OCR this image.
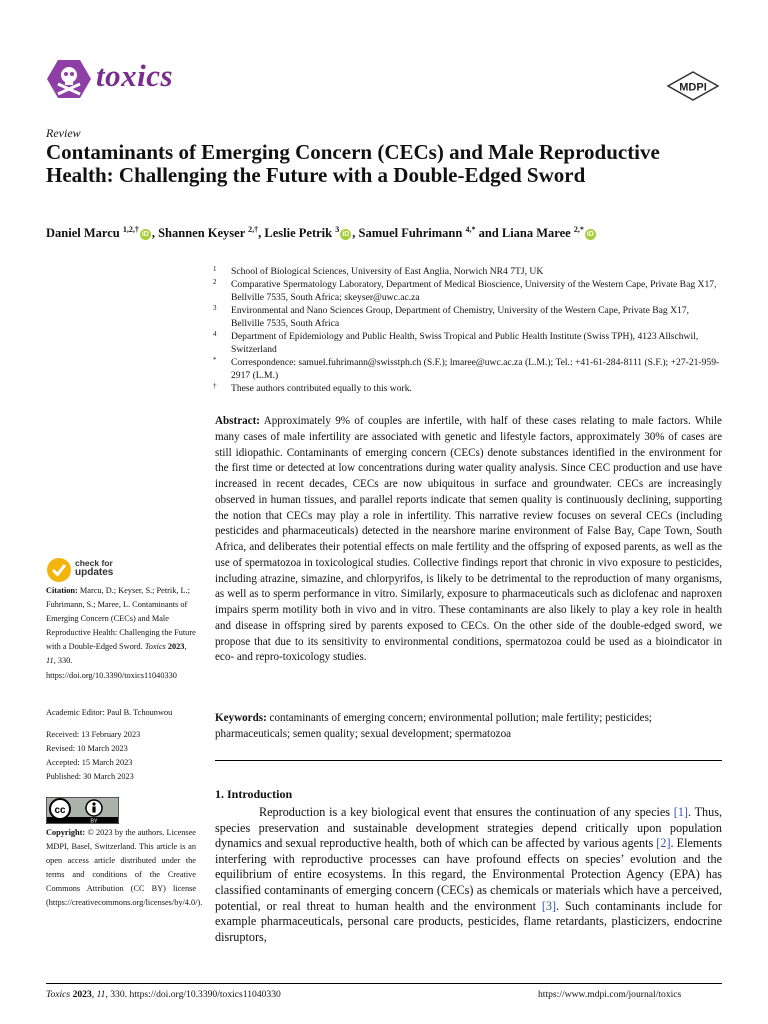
toxics	MDPI
Review
Contaminants of Emerging Concern (CECs) and Male Reproductive Health: Challenging the Future with a Double-Edged Sword
Daniel Marcu $^{1,2,\dagger}$iD , Shannen Keyser $^{2,\dagger}$, Leslie Petrik $^3$iD , Samuel Fuhrimann $^{4,*}$ and Liana Maree $^{2,*}$iD
1 School of Biological Sciences, University of East Anglia, Norwich NR4 7TJ, UK
2 Comparative Spermatology Laboratory, Department of Medical Bioscience, University of the Western Cape, Private Bag X17, Bellville 7535, South Africa; skeyser@uwc.ac.za
3 Environmental and Nano Sciences Group, Department of Chemistry, University of the Western Cape, Private Bag X17, Bellville 7535, South Africa
4 Department of Epidemiology and Public Health, Swiss Tropical and Public Health Institute (Swiss TPH), 4123 Allschwil, Switzerland
* Correspondence: samuel.fuhrimann@swisstph.ch (S.F.); lmaree@uwc.ac.za (L.M.); Tel.: +41-61-284-8111 (S.F.); +27-21-959-2917 (L.M.)
† These authors contributed equally to this work.
check for
updates
Citation: Marcu, D.; Keyser, S.; Petrik, L.; Fuhrimann, S.; Maree, L. Contaminants of Emerging Concern (CECs) and Male Reproductive Health: Challenging the Future with a Double-Edged Sword. Toxics 2023, 11, 330. https://doi.org/10.3390/toxics11040330
Academic Editor: Paul B. Tchounwou
Received: 13 February 2023
Revised: 10 March 2023
Accepted: 15 March 2023
Published: 30 March 2023
cc
BY
Copyright: © 2023 by the authors. Licensee MDPI, Basel, Switzerland. This article is an open access article distributed under the terms and conditions of the Creative Commons Attribution (CC BY) license (https://creativecommons.org/licenses/by/4.0/).
Abstract: Approximately 9% of couples are infertile, with half of these cases relating to male factors. While many cases of male infertility are associated with genetic and lifestyle factors, approximately 30% of cases are still idiopathic. Contaminants of emerging concern (CECs) denote substances identified in the environment for the first time or detected at low concentrations during water quality analysis. Since CEC production and use have increased in recent decades, CECs are now ubiquitous in surface and groundwater. CECs are increasingly observed in human tissues, and parallel reports indicate that semen quality is continuously declining, supporting the notion that CECs may play a role in infertility. This narrative review focuses on several CECs (including pesticides and pharmaceuticals) detected in the nearshore marine environment of False Bay, Cape Town, South Africa, and deliberates their potential effects on male fertility and the offspring of exposed parents, as well as the use of spermatozoa in toxicological studies. Collective findings report that chronic in vivo exposure to pesticides, including atrazine, simazine, and chlorpyrifos, is likely to be detrimental to the reproduction of many organisms, as well as to sperm performance in vitro. Similarly, exposure to pharmaceuticals such as diclofenac and naproxen impairs sperm motility both in vivo and in vitro. These contaminants are also likely to play a key role in health and disease in offspring sired by parents exposed to CECs. On the other side of the double-edged sword, we propose that due to its sensitivity to environmental conditions, spermatozoa could be used as a bioindicator in eco- and repro-toxicology studies.
Keywords: contaminants of emerging concern; environmental pollution; male fertility; pesticides; pharmaceuticals; semen quality; sexual development; spermatozoa
1. Introduction

Reproduction is a key biological event that ensures the continuation of any species [1]. Thus, species preservation and sustainable development strategies depend critically upon population dynamics and sexual reproductive health, both of which can be affected by various agents [2]. Elements interfering with reproductive processes can have profound effects on species’ evolution and the equilibrium of entire ecosystems. In this regard, the Environmental Protection Agency (EPA) has classified contaminants of emerging concern (CECs) as chemicals or materials which have a perceived, potential, or real threat to human health and the environment [3]. Such contaminants include for example pharmaceuticals, personal care products, pesticides, flame retardants, plasticizers, endocrine disruptors,

Toxics 2023, 11, 330. https://doi.org/10.3390/toxics11040330	https://www.mdpi.com/journal/toxics
